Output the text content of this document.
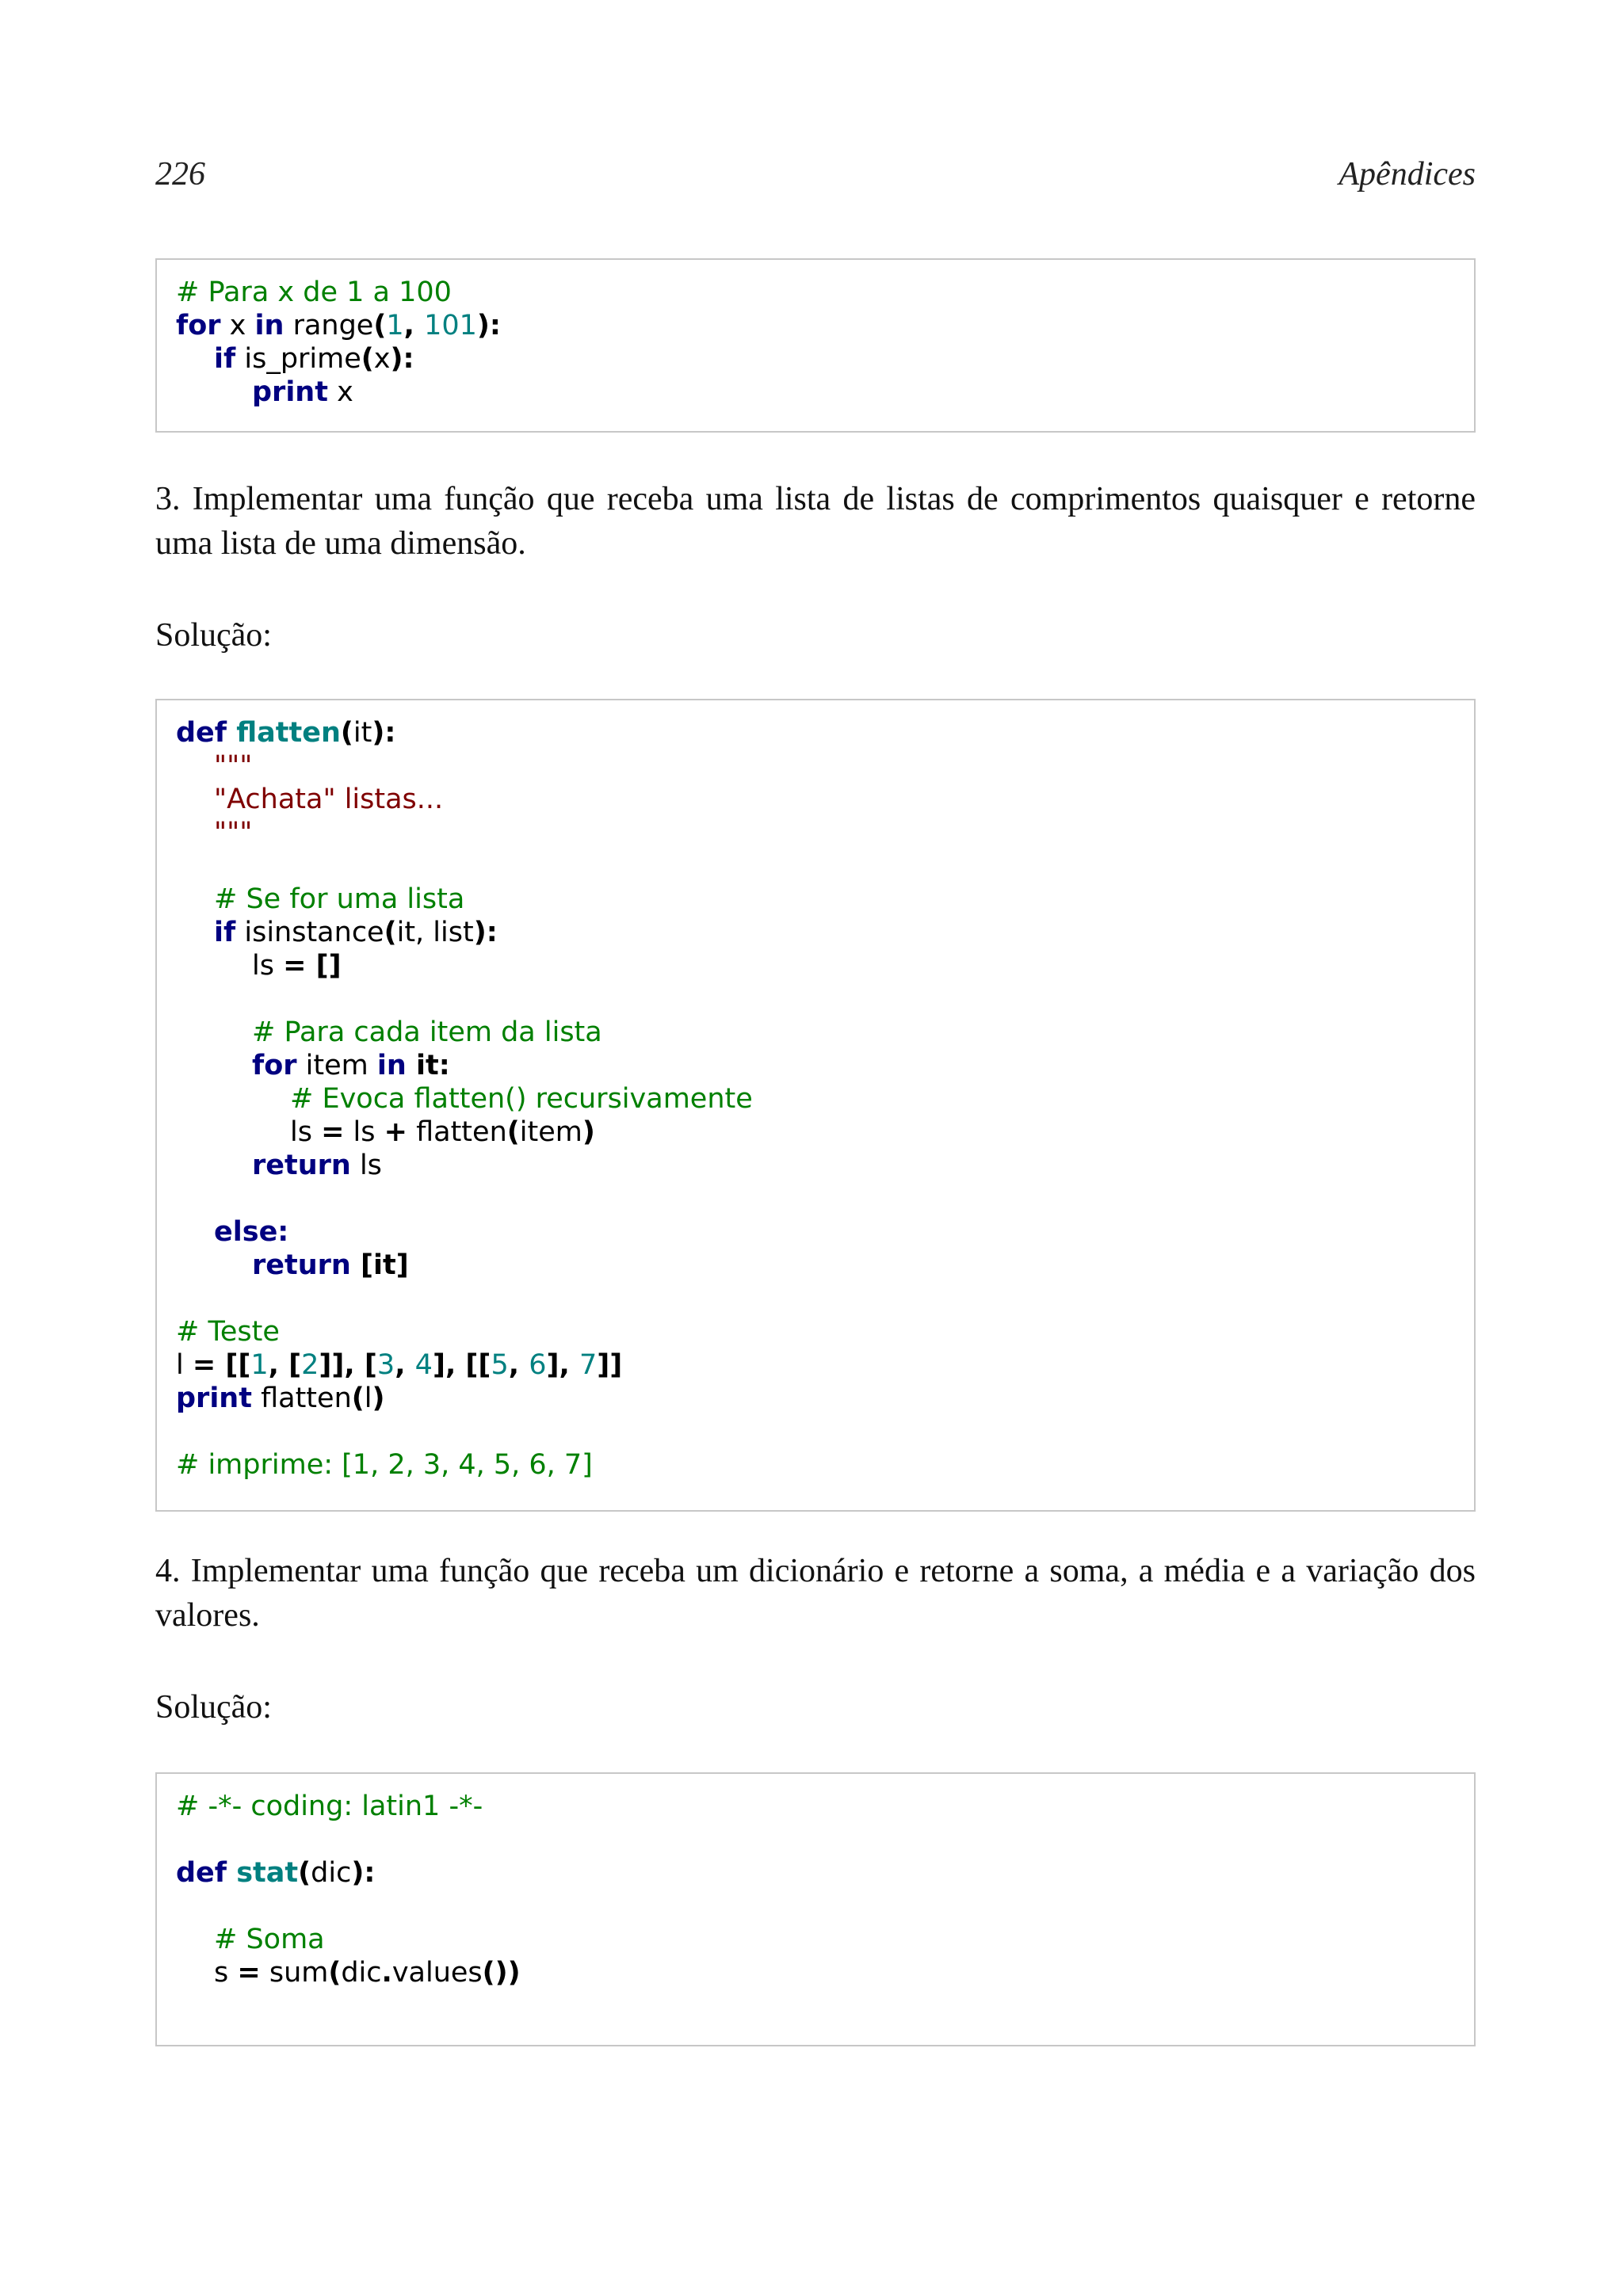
226	Apêndices
# Para x de 1 a 100
for x in range(1, 101):
if is_prime(x):
print x
3. Implementar uma função que receba uma lista de listas de comprimentos quaisquer e retorne uma lista de uma dimensão.
Solução:
def flatten(it):
"""
"Achata" listas...
"""
# Se for uma lista
if isinstance(it, list):
ls = []
# Para cada item da lista
for item in it:
# Evoca flatten() recursivamente
ls = ls + flatten(item)
return ls
else:
return [it]
# Teste
l = [[1, [2]], [3, 4], [[5, 6], 7]]
print flatten(l)
# imprime: [1, 2, 3, 4, 5, 6, 7]
4. Implementar uma função que receba um dicionário e retorne a soma, a média e a variação dos valores.
Solução:
# -*- coding: latin1 -*-
def stat(dic):
# Soma
s = sum(dic.values())
